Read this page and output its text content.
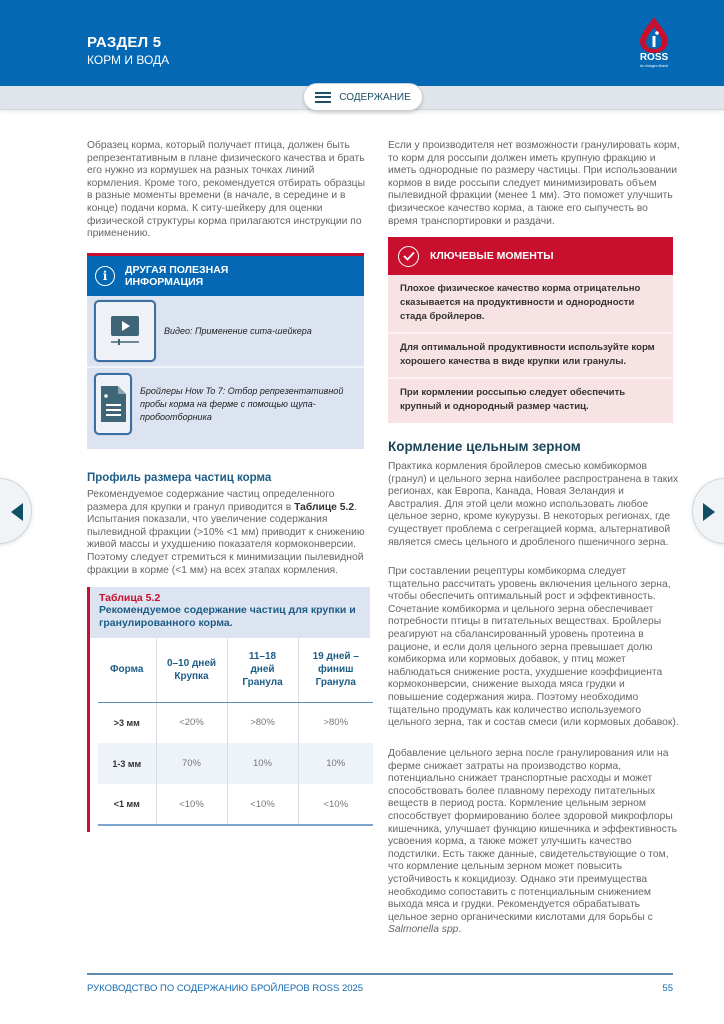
РАЗДЕЛ 5
КОРМ И ВОДА	ROSS
An Aviagen Brand
СОДЕРЖАНИЕ

Образец корма, который получает птица, должен быть репрезентативным в плане физического качества и брать его нужно из кормушек на разных точках линий кормления. Кроме того, рекомендуется отбирать образцы в разные моменты времени (в начале, в середине и в конце) подачи корма. К ситу-шейкеру для оценки физической структуры корма прилагаются инструкции по применению.

i	ДРУГАЯ ПОЛЕЗНАЯ ИНФОРМАЦИЯ
Видео: Применение сита-шейкера
Бройлеры How To 7: Отбор репрезентативной пробы корма на ферме с помощью щупа- пробоотборника
Профиль размера частиц корма

Рекомендуемое содержание частиц определенного размера для крупки и гранул приводится в Таблице 5.2. Испытания показали, что увеличение содержания пылевидной фракции (>10% <1 мм) приводит к снижению живой массы и ухудшению показателя кормоконверсии. Поэтому следует стремиться к минимизации пылевидной фракции в корме (<1 мм) на всех этапах кормления.

Таблица 5.2
Рекомендуемое содержание частиц для крупки и гранулированного корма.
Форма	0–10 дней Крупка	11–18 дней Гранула	19 дней – финиш Гранула
>3 мм	<20%	>80%	>80%
1-3 мм	70%	10%	10%
<1 мм	<10%	<10%	<10%

Если у производителя нет возможности гранулировать корм, то корм для россыпи должен иметь крупную фракцию и иметь однородные по размеру частицы. При использовании кормов в виде россыпи следует минимизировать объем пылевидной фракции (менее 1 мм). Это поможет улучшить физическое качество корма, а также его сыпучесть во время транспортировки и раздачи.

КЛЮЧЕВЫЕ МОМЕНТЫ
Плохое физическое качество корма отрицательно сказывается на продуктивности и однородности стада бройлеров.
Для оптимальной продуктивности используйте корм хорошего качества в виде крупки или гранулы.
При кормлении россыпью следует обеспечить крупный и однородный размер частиц.
Кормление цельным зерном

Практика кормления бройлеров смесью комбикормов (гранул) и цельного зерна наиболее распространена в таких регионах, как Европа, Канада, Новая Зеландия и Австралия. Для этой цели можно использовать любое цельное зерно, кроме кукурузы. В некоторых регионах, где существует проблема с сегрегацией корма, альтернативой является смесь цельного и дробленого пшеничного зерна.

При составлении рецептуры комбикорма следует тщательно рассчитать уровень включения цельного зерна, чтобы обеспечить оптимальный рост и эффективность. Сочетание комбикорма и цельного зерна обеспечивает потребности птицы в питательных веществах. Бройлеры реагируют на сбалансированный уровень протеина в рационе, и если доля цельного зерна превышает долю комбикорма или кормовых добавок, у птиц может наблюдаться снижение роста, ухудшение коэффициента кормоконверсии, снижение выхода мяса грудки и повышение содержания жира. Поэтому необходимо тщательно продумать как количество используемого цельного зерна, так и состав смеси (или кормовых добавок).

Добавление цельного зерна после гранулирования или на ферме снижает затраты на производство корма, потенциально снижает транспортные расходы и может способствовать более плавному переходу питательных веществ в период роста. Кормление цельным зерном способствует формированию более здоровой микрофлоры кишечника, улучшает функцию кишечника и эффективность усвоения корма, а также может улучшить качество подстилки. Есть также данные, свидетельствующие о том, что кормление цельным зерном может повысить устойчивость к кокцидиозу. Однако эти преимущества необходимо сопоставить с потенциальным снижением выхода мяса и грудки. Рекомендуется обрабатывать цельное зерно органическими кислотами для борьбы с Salmonella spp.

РУКОВОДСТВО ПО СОДЕРЖАНИЮ БРОЙЛЕРОВ ROSS 2025	55
